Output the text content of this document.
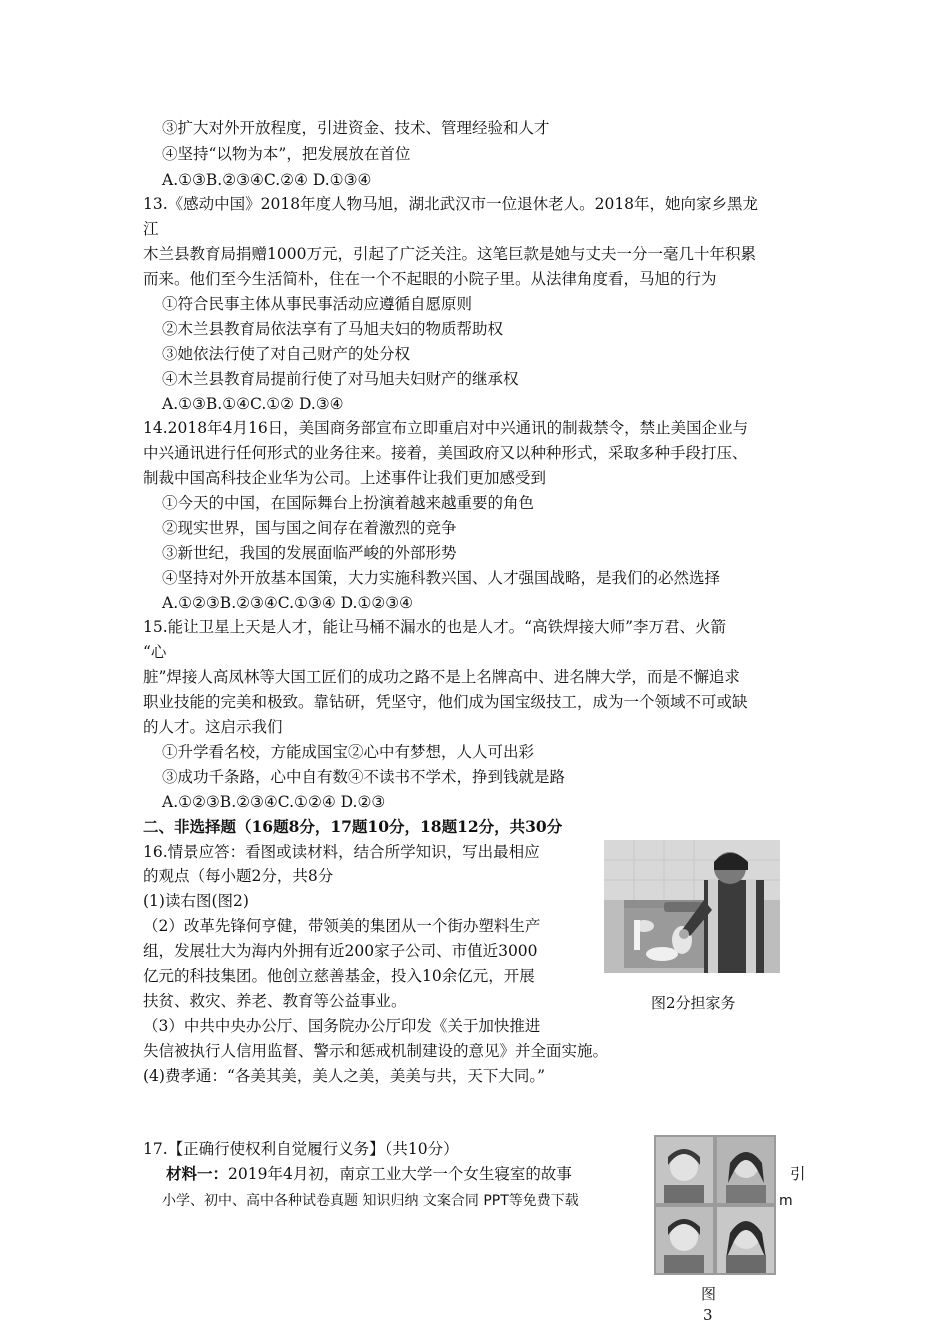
③扩大对外开放程度，引进资金、技术、管理经验和人才
④坚持“以物为本”，把发展放在首位
A.①③B.②③④C.②④ D.①③④
13.《感动中国》2018年度人物马旭，湖北武汉市一位退休老人。2018年，她向家乡黑龙
江
木兰县教育局捐赠1000万元，引起了广泛关注。这笔巨款是她与丈夫一分一毫几十年积累
而来。他们至今生活简朴，住在一个不起眼的小院子里。从法律角度看，马旭的行为
①符合民事主体从事民事活动应遵循自愿原则
②木兰县教育局依法享有了马旭夫妇的物质帮助权
③她依法行使了对自己财产的处分权
④木兰县教育局提前行使了对马旭夫妇财产的继承权
A.①③B.①④C.①② D.③④
14.2018年4月16日，美国商务部宣布立即重启对中兴通讯的制裁禁令，禁止美国企业与
中兴通讯进行任何形式的业务往来。接着，美国政府又以种种形式，采取多种手段打压、
制裁中国高科技企业华为公司。上述事件让我们更加感受到
①今天的中国，在国际舞台上扮演着越来越重要的角色
②现实世界，国与国之间存在着激烈的竞争
③新世纪，我国的发展面临严峻的外部形势
④坚持对外开放基本国策，大力实施科教兴国、人才强国战略，是我们的必然选择
A.①②③B.②③④C.①③④ D.①②③④
15.能让卫星上天是人才，能让马桶不漏水的也是人才。“高铁焊接大师”李万君、火箭
“心
脏”焊接人高凤林等大国工匠们的成功之路不是上名牌高中、进名牌大学，而是不懈追求
职业技能的完美和极致。靠钻研，凭坚守，他们成为国宝级技工，成为一个领域不可或缺
的人才。这启示我们
①升学看名校，方能成国宝②心中有梦想，人人可出彩
③成功千条路，心中自有数④不读书不学术，挣到钱就是路
A.①②③B.②③④C.①②④ D.②③
二、非选择题（16题8分，17题10分，18题12分，共30分
16.情景应答：看图或读材料，结合所学知识，写出最相应
的观点（每小题2分，共8分
(1)读右图(图2)
（2）改革先锋何亨健，带领美的集团从一个街办塑料生产
组，发展壮大为海内外拥有近200家子公司、市值近3000
亿元的科技集团。他创立慈善基金，投入10余亿元，开展
扶贫、救灾、养老、教育等公益事业。
（3）中共中央办公厅、国务院办公厅印发《关于加快推进
失信被执行人信用监督、警示和惩戒机制建设的意见》并全面实施。
(4)费孝通：“各美其美，美人之美，美美与共，天下大同。”
图2分担家务
17.【正确行使权利自觉履行义务】（共10分）
材料一：2019年4月初，南京工业大学一个女生寝室的故事	引
小学、初中、高中各种试卷真题 知识归纳 文案合同 PPT等免费下载	m
图
3
